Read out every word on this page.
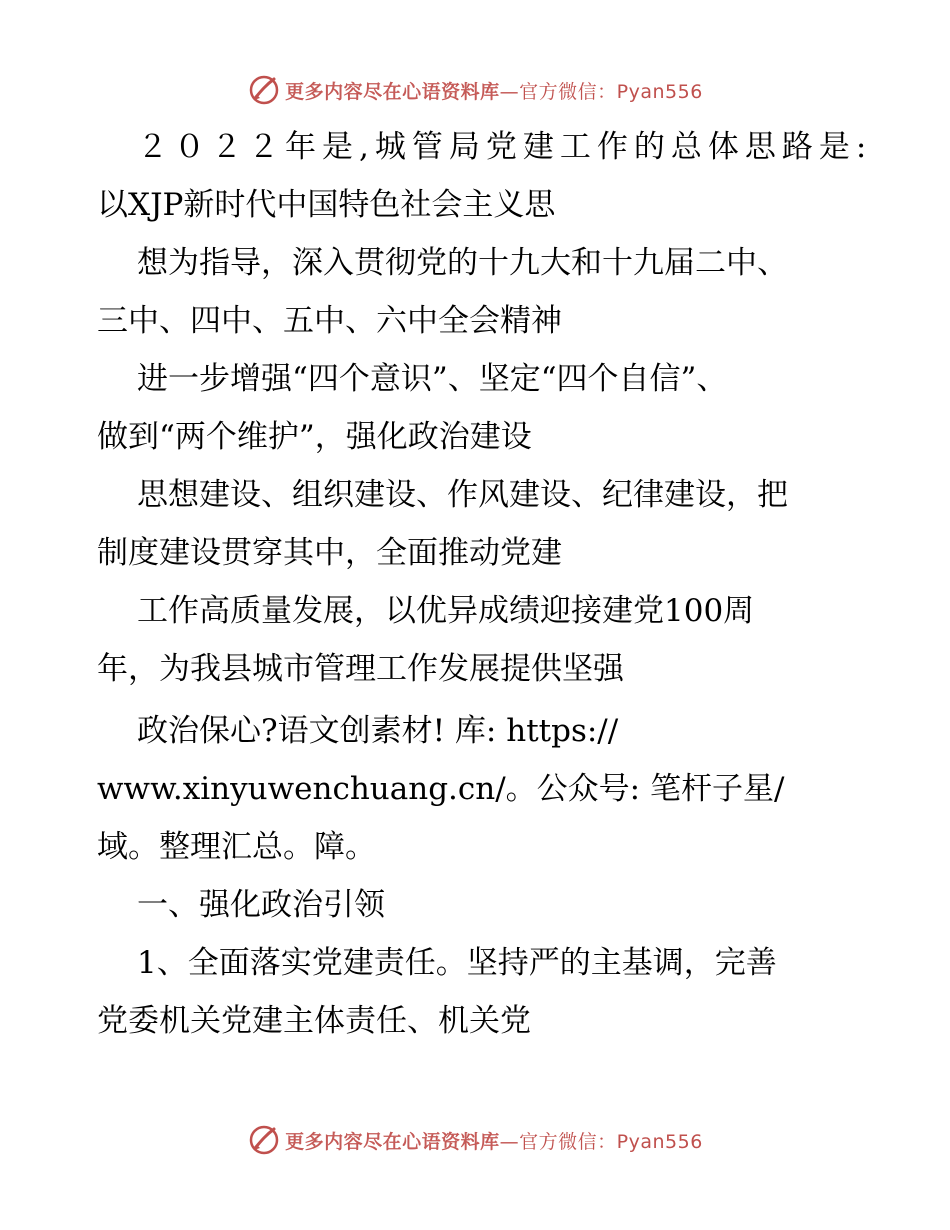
更多内容尽在心语资料库—官方微信：Pyan556
２０２２年是,城管局党建工作的总体思路是:
以XJP新时代中国特色社会主义思
想为指导，深入贯彻党的十九大和十九届二中、
三中、四中、五中、六中全会精神
进一步增强“四个意识”、坚定“四个自信”、
做到“两个维护”，强化政治建设
思想建设、组织建设、作风建设、纪律建设，把
制度建设贯穿其中，全面推动党建
工作高质量发展，以优异成绩迎接建党100周
年，为我县城市管理工作发展提供坚强
政治保心?语文创素材! 库: https://
www.xinyuwenchuang.cn/。公众号: 笔杆子星/
域。整理汇总。障。
一、强化政治引领
1、全面落实党建责任。坚持严的主基调，完善
党委机关党建主体责任、机关党
更多内容尽在心语资料库—官方微信：Pyan556
